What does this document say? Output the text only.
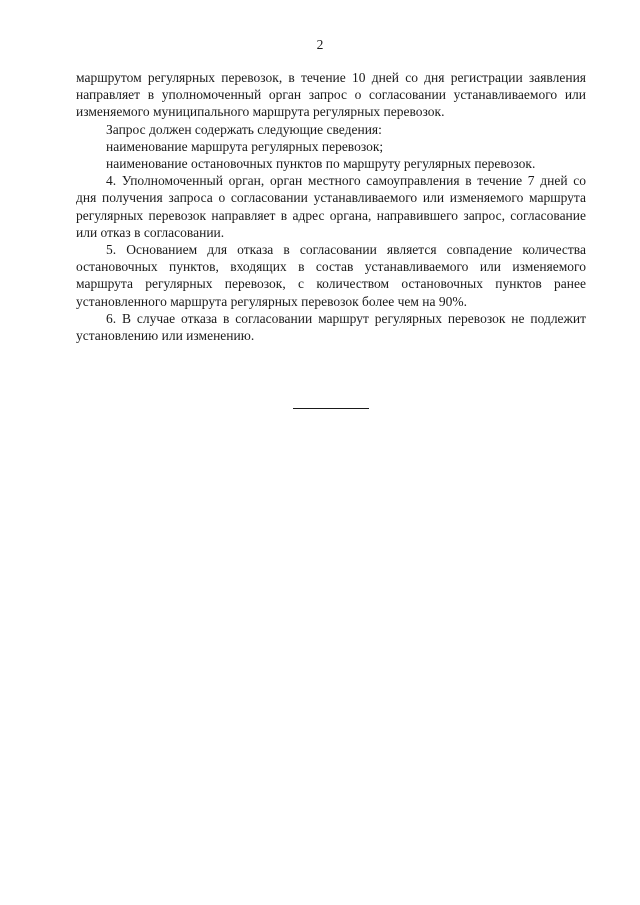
2

маршрутом регулярных перевозок, в течение 10 дней со дня регистрации заявления направляет в уполномоченный орган запрос о согласовании устанавливаемого или изменяемого муниципального маршрута регулярных перевозок.

Запрос должен содержать следующие сведения:

наименование маршрута регулярных перевозок;

наименование остановочных пунктов по маршруту регулярных перевозок.

4. Уполномоченный орган, орган местного самоуправления в течение 7 дней со дня получения запроса о согласовании устанавливаемого или изменяемого маршрута регулярных перевозок направляет в адрес органа, направившего запрос, согласование или отказ в согласовании.

5. Основанием для отказа в согласовании является совпадение количества остановочных пунктов, входящих в состав устанавливаемого или изменяемого маршрута регулярных перевозок, с количеством остановочных пунктов ранее установленного маршрута регулярных перевозок более чем на 90%.

6. В случае отказа в согласовании маршрут регулярных перевозок не подлежит установлению или изменению.
